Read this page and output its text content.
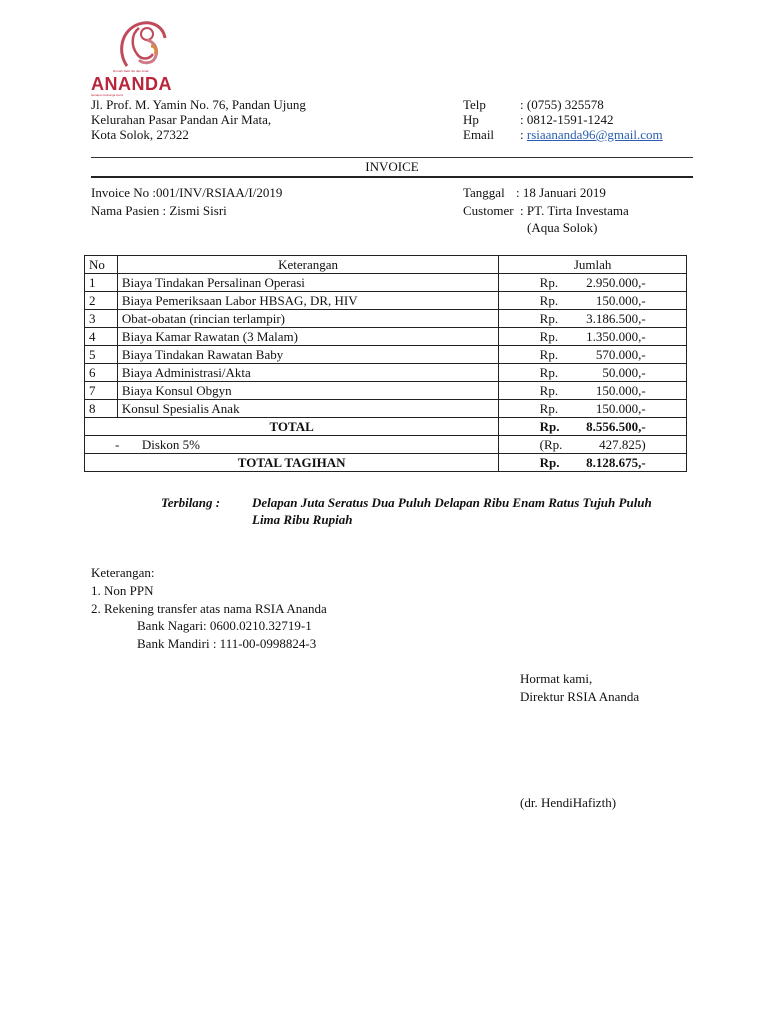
Rumah Sakit Ibu dan Anak
ANANDA
Harapan Keluarga Kami
Jl. Prof. M. Yamin No. 76, Pandan Ujung
Kelurahan Pasar Pandan Air Mata,
Kota Solok, 27322
Telp	: (0755) 325578
Hp	: 0812-1591-1242
Email : rsiaananda96@gmail.com
INVOICE
Invoice No :001/INV/RSIAA/I/2019
Nama Pasien : Zismi Sisri
Tanggal : 18 Januari 2019
Customer : PT. Tirta Investama
(Aqua Solok)
No	Keterangan	Jumlah
1	Biaya Tindakan Persalinan Operasi	Rp. 2.950.000,-
2	Biaya Pemeriksaan Labor HBSAG, DR, HIV	Rp. 150.000,-
3	Obat-obatan (rincian terlampir)	Rp. 3.186.500,-
4	Biaya Kamar Rawatan (3 Malam)	Rp. 1.350.000,-
5	Biaya Tindakan Rawatan Baby	Rp. 570.000,-
6	Biaya Administrasi/Akta	Rp. 50.000,-
7	Biaya Konsul Obgyn	Rp. 150.000,-
8	Konsul Spesialis Anak	Rp. 150.000,-
TOTAL		Rp. 8.556.500,-
- Diskon 5%		(Rp. 427.825)
TOTAL TAGIHAN		Rp. 8.128.675,-
Terbilang : Delapan Juta Seratus Dua Puluh Delapan Ribu Enam Ratus Tujuh Puluh
Lima Ribu Rupiah
Keterangan:
1. Non PPN
2. Rekening transfer atas nama RSIA Ananda
Bank Nagari: 0600.0210.32719-1
Bank Mandiri : 111-00-0998824-3
Hormat kami,
Direktur RSIA Ananda
(dr. HendiHafizth)
